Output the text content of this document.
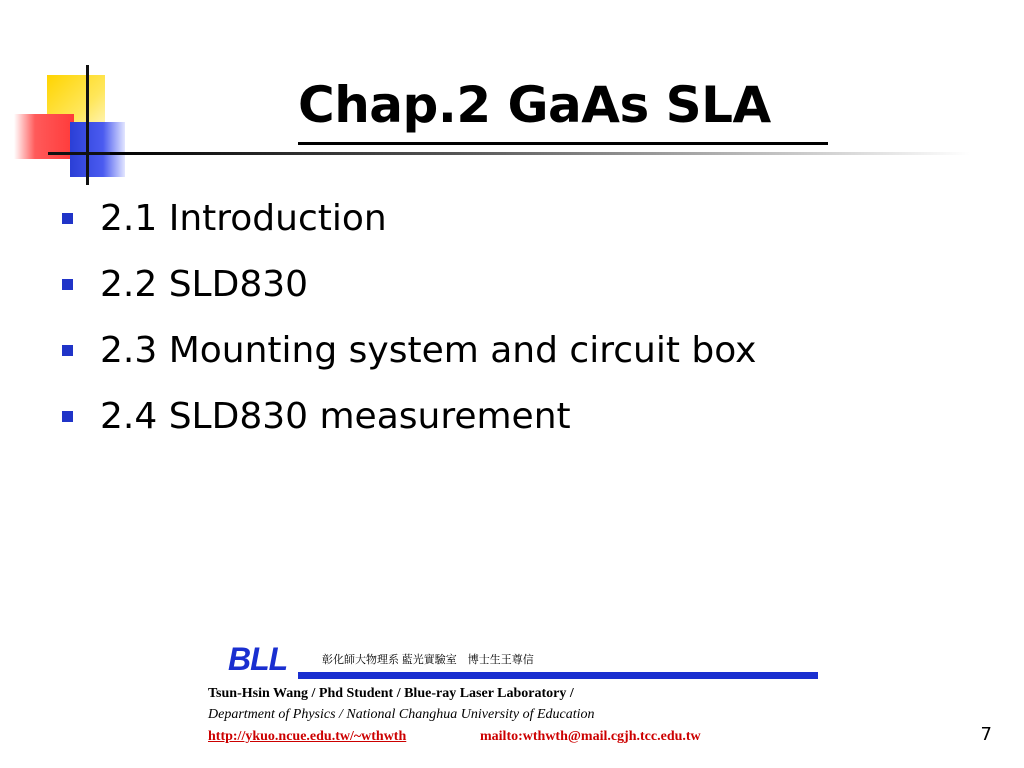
Chap.2 GaAs SLA
2.1 Introduction
2.2 SLD830
2.3 Mounting system and circuit box
2.4 SLD830 measurement
BLL	彰化師大物理系 藍光實驗室　博士生王尊信
Tsun-Hsin Wang / Phd Student / Blue-ray Laser Laboratory /
Department of Physics / National Changhua University of Education
http://ykuo.ncue.edu.tw/~wthwth	mailto:wthwth@mail.cgjh.tcc.edu.tw	7
